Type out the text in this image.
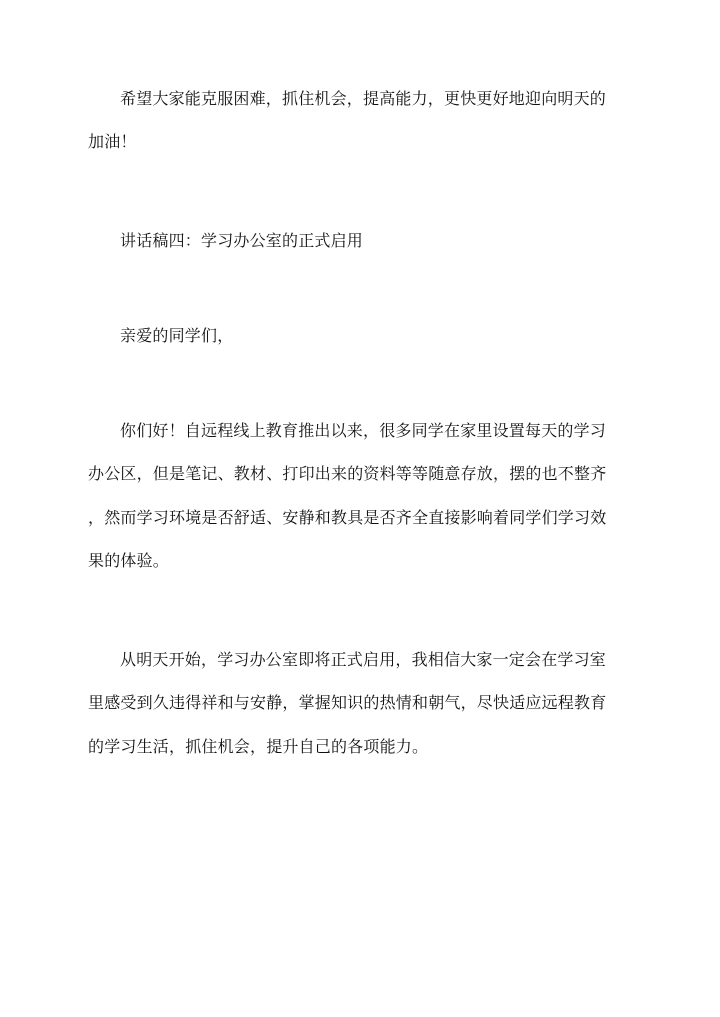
希望大家能克服困难，抓住机会，提高能力，更快更好地迎向明天的
加油！
讲话稿四：学习办公室的正式启用
亲爱的同学们，
你们好！自远程线上教育推出以来，很多同学在家里设置每天的学习
办公区，但是笔记、教材、打印出来的资料等等随意存放，摆的也不整齐
，然而学习环境是否舒适、安静和教具是否齐全直接影响着同学们学习效
果的体验。
从明天开始，学习办公室即将正式启用，我相信大家一定会在学习室
里感受到久违得祥和与安静，掌握知识的热情和朝气，尽快适应远程教育
的学习生活，抓住机会，提升自己的各项能力。
